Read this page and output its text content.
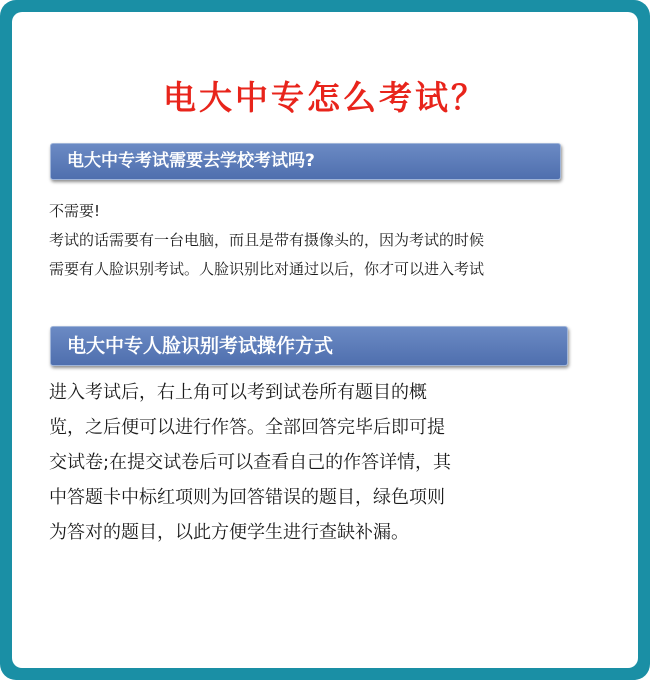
电大中专怎么考试？
电大中专考试需要去学校考试吗?
不需要!
考试的话需要有一台电脑，而且是带有摄像头的，因为考试的时候
需要有人脸识别考试。人脸识别比对通过以后，你才可以进入考试
电大中专人脸识别考试操作方式
进入考试后，右上角可以考到试卷所有题目的概
览，之后便可以进行作答。全部回答完毕后即可提
交试卷;在提交试卷后可以查看自己的作答详情，其
中答题卡中标红项则为回答错误的题目，绿色项则
为答对的题目，以此方便学生进行查缺补漏。
